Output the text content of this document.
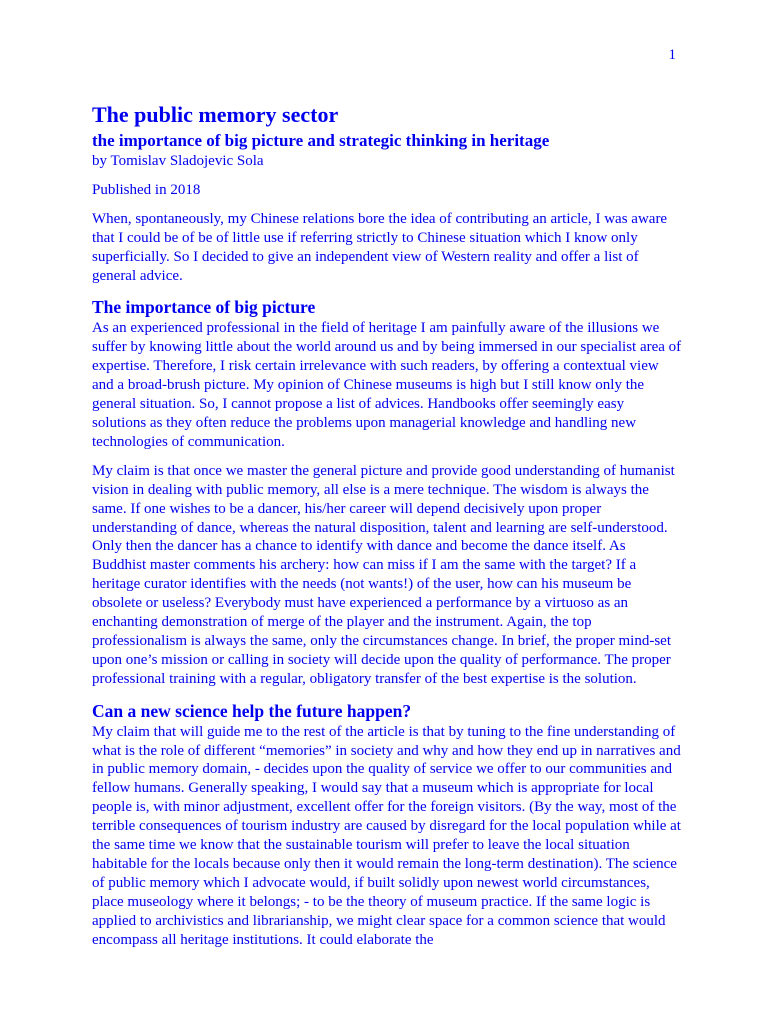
1
The public memory sector
the importance of big picture and strategic thinking in heritage

by Tomislav Sladojevic Sola

Published in 2018

When, spontaneously, my Chinese relations bore the idea of contributing an article, I was aware that I could be of be of little use if referring strictly to Chinese situation which I know only superficially. So I decided to give an independent view of Western reality and offer a list of general advice.

The importance of big picture

As an experienced professional in the field of heritage I am painfully aware of the illusions we suffer by knowing little about the world around us and by being immersed in our specialist area of expertise. Therefore, I risk certain irrelevance with such readers, by offering a contextual view and a broad-brush picture. My opinion of Chinese museums is high but I still know only the general situation. So, I cannot propose a list of advices. Handbooks offer seemingly easy solutions as they often reduce the problems upon managerial knowledge and handling new technologies of communication.

My claim is that once we master the general picture and provide good understanding of humanist vision in dealing with public memory, all else is a mere technique. The wisdom is always the same. If one wishes to be a dancer, his/her career will depend decisively upon proper understanding of dance, whereas the natural disposition, talent and learning are self-understood. Only then the dancer has a chance to identify with dance and become the dance itself. As Buddhist master comments his archery: how can miss if I am the same with the target? If a heritage curator identifies with the needs (not wants!) of the user, how can his museum be obsolete or useless? Everybody must have experienced a performance by a virtuoso as an enchanting demonstration of merge of the player and the instrument. Again, the top professionalism is always the same, only the circumstances change. In brief, the proper mind-set upon one’s mission or calling in society will decide upon the quality of performance. The proper professional training with a regular, obligatory transfer of the best expertise is the solution.

Can a new science help the future happen?

My claim that will guide me to the rest of the article is that by tuning to the fine understanding of what is the role of different “memories” in society and why and how they end up in narratives and in public memory domain, - decides upon the quality of service we offer to our communities and fellow humans. Generally speaking, I would say that a museum which is appropriate for local people is, with minor adjustment, excellent offer for the foreign visitors. (By the way, most of the terrible consequences of tourism industry are caused by disregard for the local population while at the same time we know that the sustainable tourism will prefer to leave the local situation habitable for the locals because only then it would remain the long-term destination). The science of public memory which I advocate would, if built solidly upon newest world circumstances, place museology where it belongs; - to be the theory of museum practice. If the same logic is applied to archivistics and librarianship, we might clear space for a common science that would encompass all heritage institutions. It could elaborate the
